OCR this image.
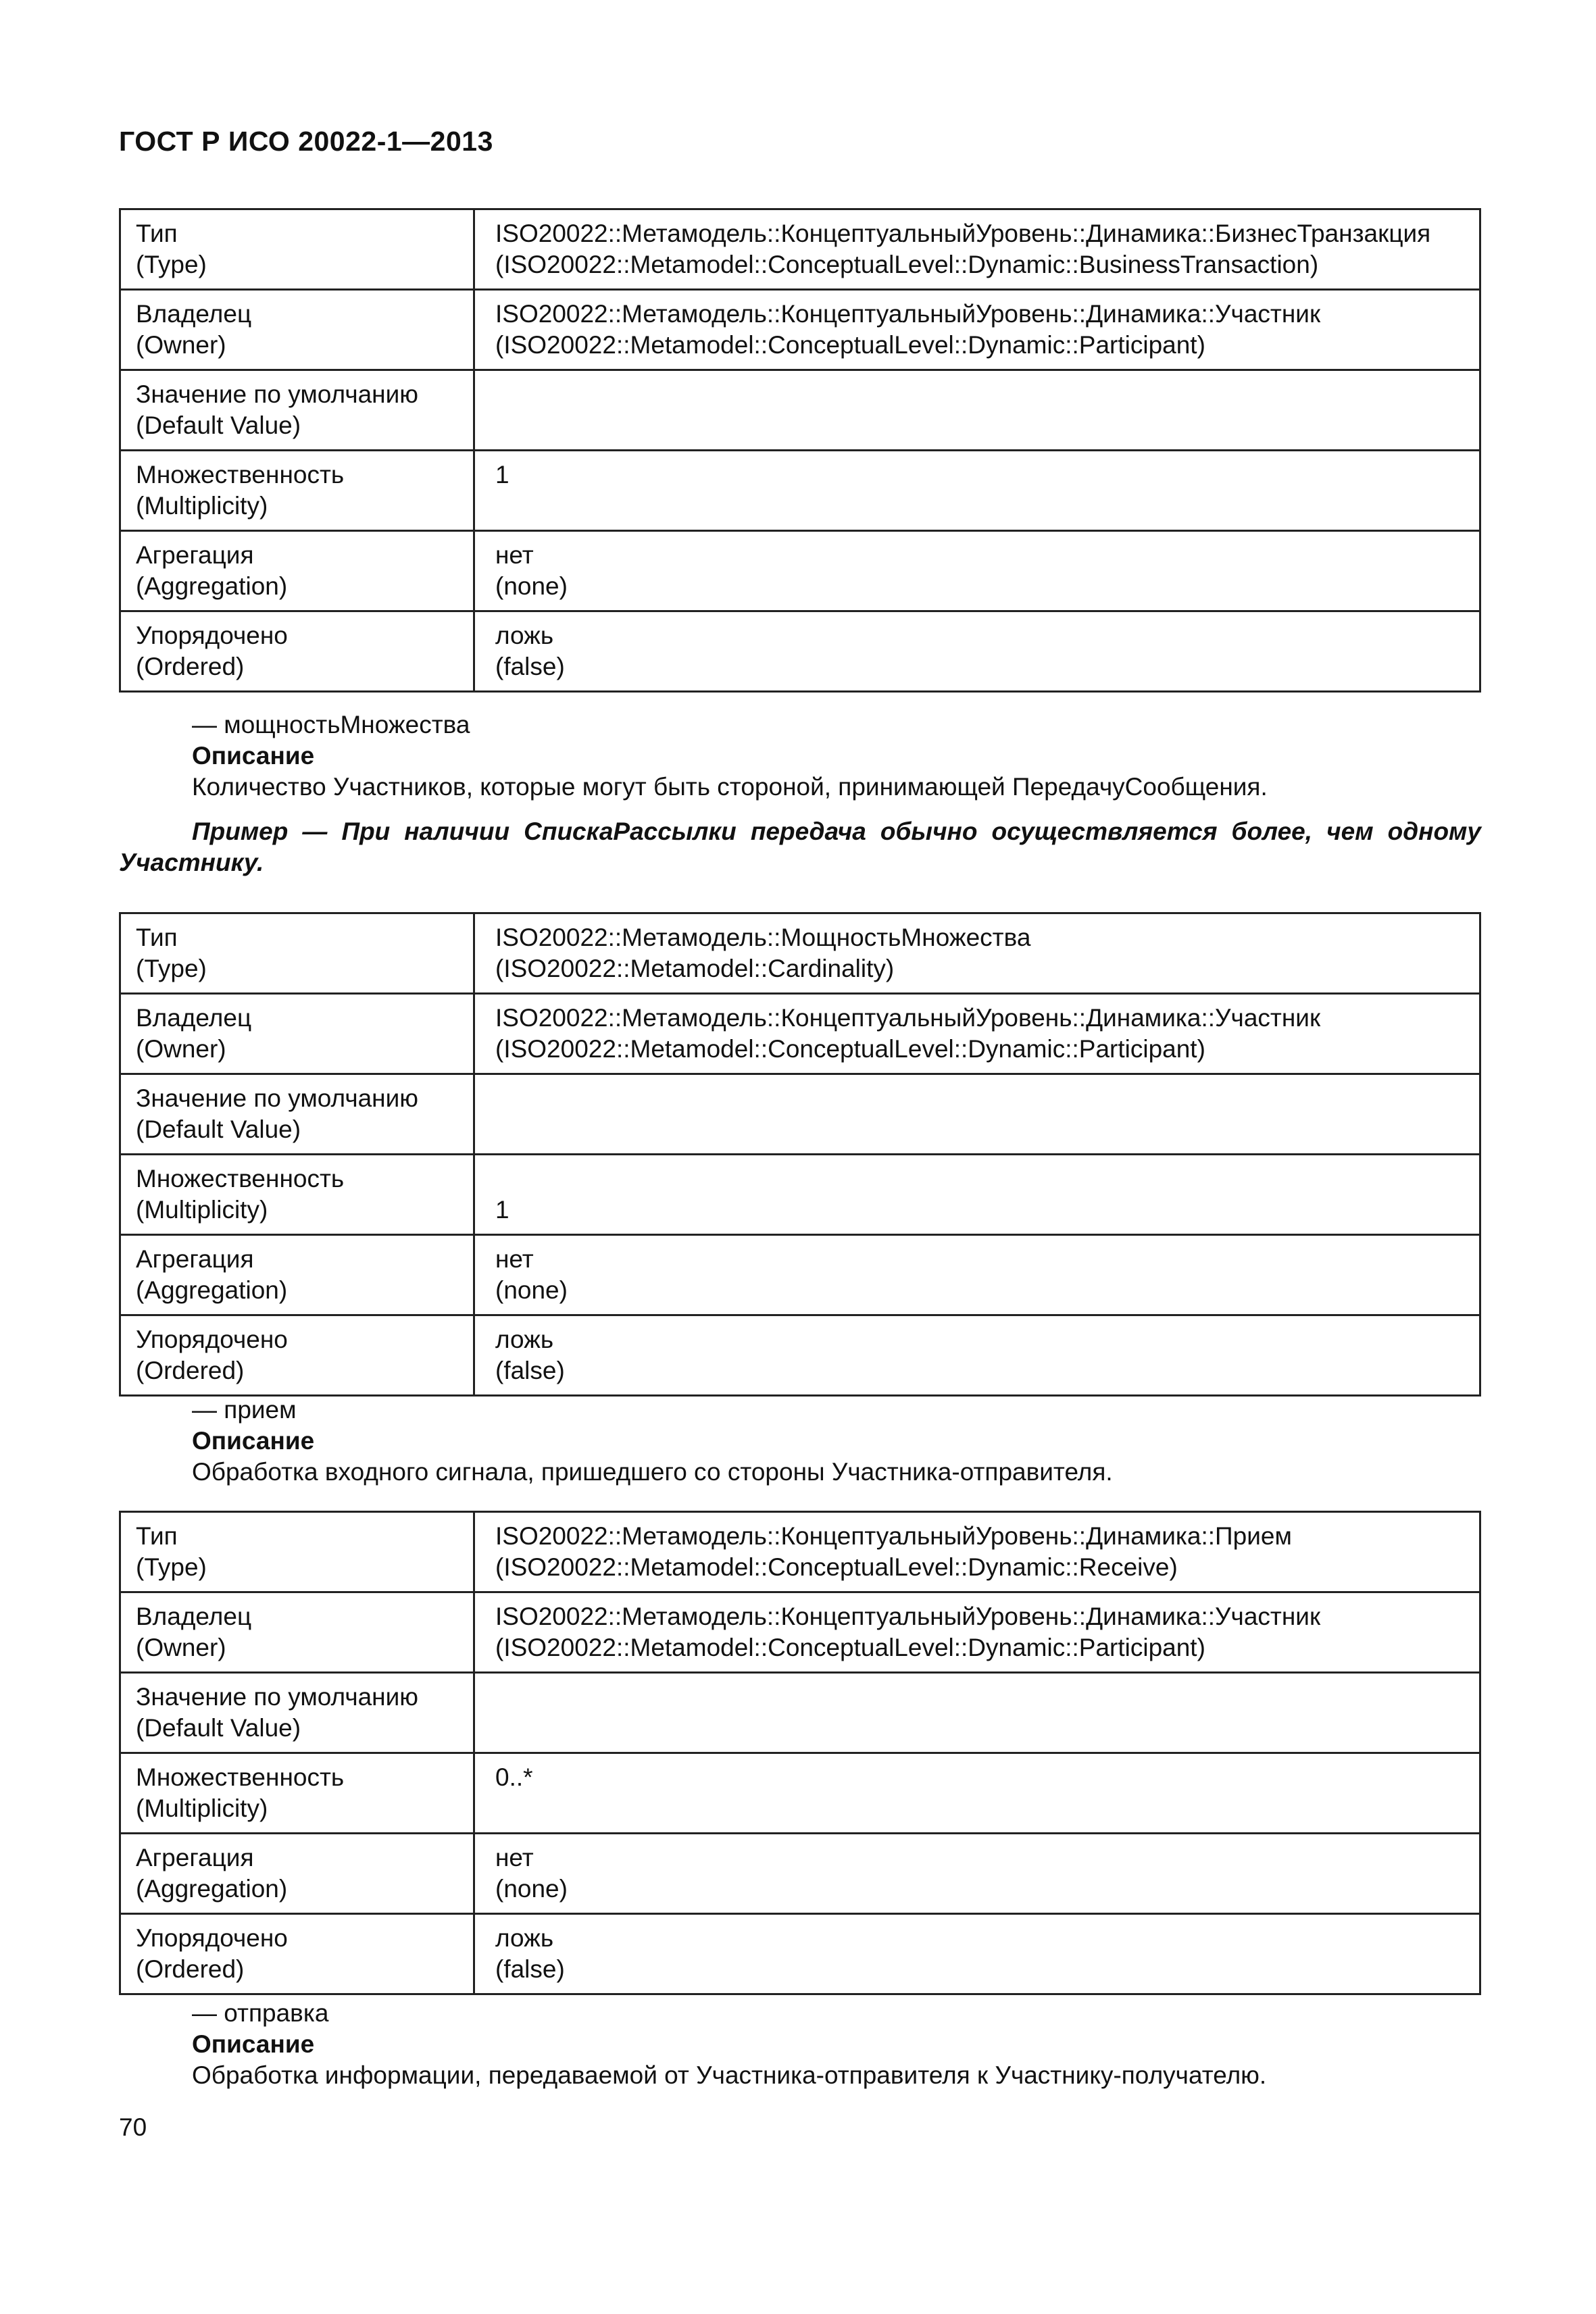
ГОСТ Р ИСО 20022-1—2013
Тип
(Type)	ISO20022::Метамодель::КонцептуальныйУровень::Динамика::БизнесТранзакция
(ISO20022::Metamodel::ConceptualLevel::Dynamic::BusinessTransaction)

Владелец
(Owner)	ISO20022::Метамодель::КонцептуальныйУровень::Динамика::Участник
(ISO20022::Metamodel::ConceptualLevel::Dynamic::Participant)

Значение по умолчанию
(Default Value)	

Множественность
(Multiplicity)	1

Агрегация
(Aggregation)	нет
(none)

Упорядочено
(Ordered)	ложь
(false)
— мощностьМножества
Описание
Количество Участников, которые могут быть стороной, принимающей ПередачуСообщения.
Пример — При наличии СпискаРассылки передача обычно осуществляется более, чем одному Участнику.
Тип
(Type)	ISO20022::Метамодель::МощностьМножества
(ISO20022::Metamodel::Cardinality)

Владелец
(Owner)	ISO20022::Метамодель::КонцептуальныйУровень::Динамика::Участник
(ISO20022::Metamodel::ConceptualLevel::Dynamic::Participant)

Значение по умолчанию
(Default Value)	

Множественность
(Multiplicity)	1

Агрегация
(Aggregation)	нет
(none)

Упорядочено
(Ordered)	ложь
(false)
— прием
Описание
Обработка входного сигнала, пришедшего со стороны Участника-отправителя.
Тип
(Type)	ISO20022::Метамодель::КонцептуальныйУровень::Динамика::Прием
(ISO20022::Metamodel::ConceptualLevel::Dynamic::Receive)

Владелец
(Owner)	ISO20022::Метамодель::КонцептуальныйУровень::Динамика::Участник
(ISO20022::Metamodel::ConceptualLevel::Dynamic::Participant)

Значение по умолчанию
(Default Value)	

Множественность
(Multiplicity)	0..*

Агрегация
(Aggregation)	нет
(none)

Упорядочено
(Ordered)	ложь
(false)
— отправка
Описание
Обработка информации, передаваемой от Участника-отправителя к Участнику-получателю.
70
